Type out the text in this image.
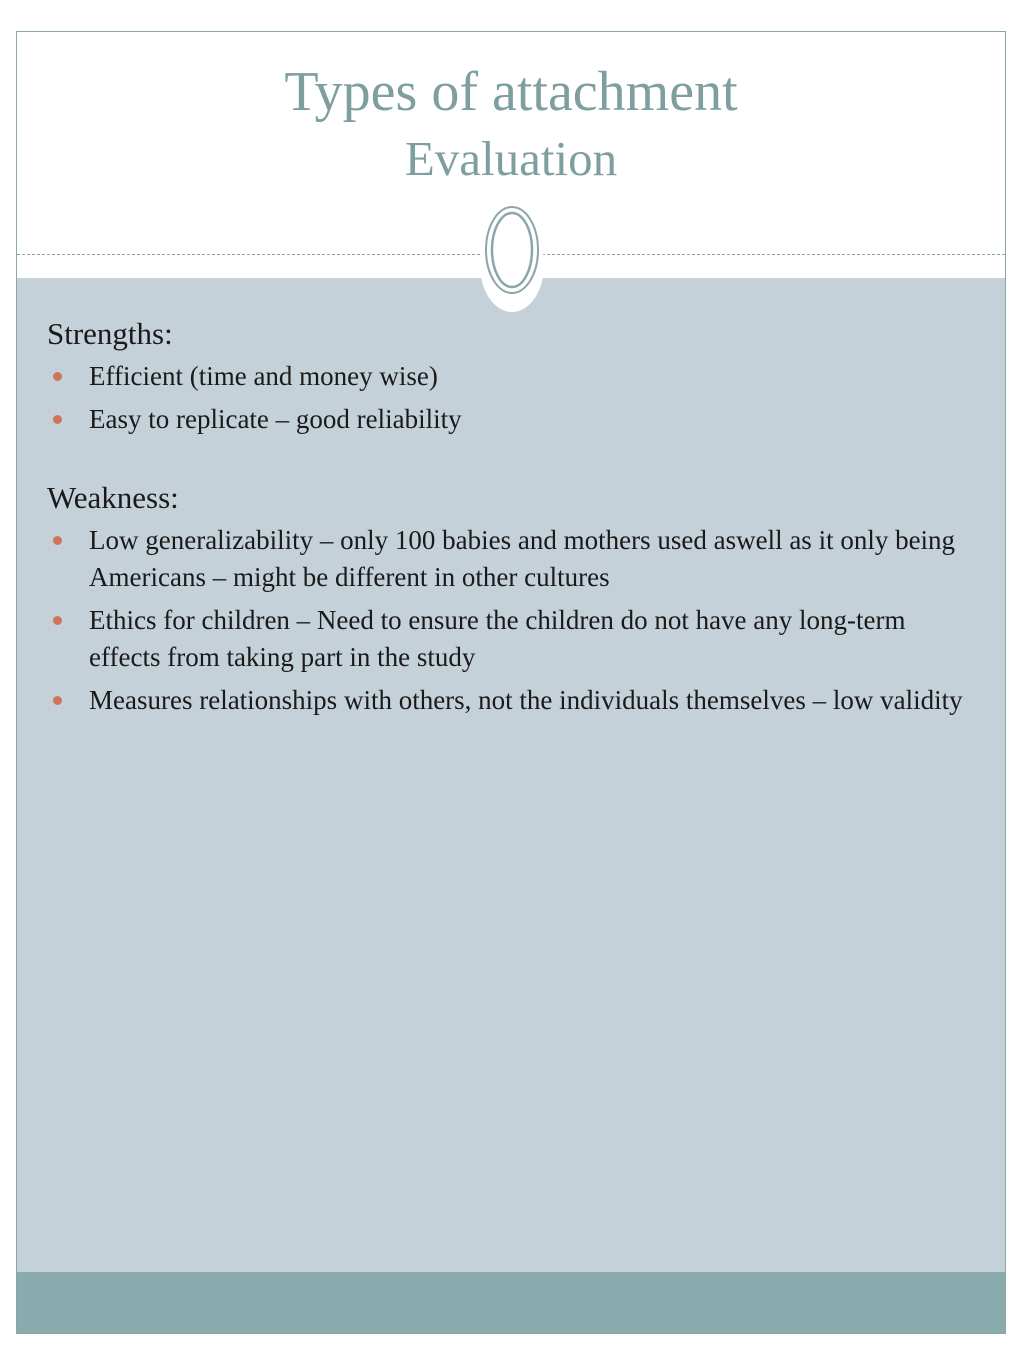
Types of attachment
Evaluation

Strengths:

Efficient (time and money wise)
Easy to replicate – good reliability

Weakness:

Low generalizability – only 100 babies and mothers used aswell as it only being Americans – might be different in other cultures
Ethics for children – Need to ensure the children do not have any long-term effects from taking part in the study
Measures relationships with others, not the individuals themselves – low validity
